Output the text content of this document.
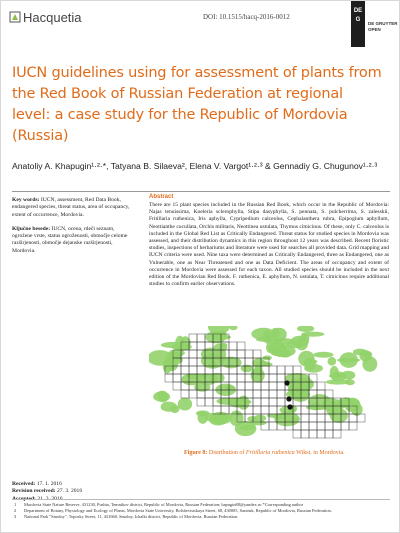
Hacquetia	DOI: 10.1515/hacq-2016-0012
DE G
DE GRUYTER
OPEN
IUCN guidelines using for assessment of plants from the Red Book of Russian Federation at regional level: a case study for the Republic of Mordovia (Russia)

Anatoliy A. Khapugin¹·²·*, Tatyana B. Silaeva², Elena V. Vargot¹·²·³ & Gennadiy G. Chugunov¹·²·³

Key words: IUCN, assessment, Red Data Book, endangered species, threat status, area of occupancy, extent of occurrence, Mordovia.

Ključne besede: IUCN, ocena, rdeči seznam, ogrožene vrste, status ogroženosti, območje celotne razširjenosti, območje dejanske razširjenosti, Mordovia.

Received: 17. 1. 2016
Revision received: 27. 3. 2016
Accepted: 31. 3. 2016
Abstract

There are 15 plant species included in the Russian Red Book, which occur in the Republic of Mordovia: Najas tenuissima, Koeleria sclerophylla, Stipa dasyphylla, S. pennata, S. pulcherrima, S. zalesskii, Fritillaria ruthenica, Iris aphylla, Cypripedium calceolus, Cephalanthera rubra, Epipogium aphyllum, Neottianthe cucullata, Orchis militaris, Neottinea ustulata, Thymus cimicinus. Of these, only C. calceolus is included in the Global Red List as Critically Endangered. Threat status for studied species in Mordovia was assessed, and their distribution dynamics in this region throughout 12 years was described. Recent floristic studies, inspections of herbariums and literature were used for searches all provided data. Grid mapping and IUCN criteria were used. Nine taxa were determined as Critically Endangered, three as Endangered, one as Vulnerable, one as Near Threatened and one as Data Deficient. The areas of occupancy and extent of occurrence in Mordovia were assessed for each taxon. All studied species should be included in the next edition of the Mordovian Red Book. F. ruthenica, E. aphyllum, N. ustulata, T. cimicinus require additional studies to confirm earlier observations.

Figure 8: Distribution of Fritillaria ruthenica Wikst. in Mordovia.
1 Mordovia State Nature Reserve, 431230, Pushta, Temnikov district, Republic of Mordovia, Russian Federation; hapugin88@yandex.ru *Corresponding author
2 Department of Botany, Physiology and Ecology of Plants, Mordovia State University, Bolshevistskaya Street, 68, 430005, Saransk, Republic of Mordovia, Russian Federation.
3 National Park "Smolny", Toposky Street, 11, 431660, Smolny, Ichalki district, Republic of Mordovia, Russian Federation.
